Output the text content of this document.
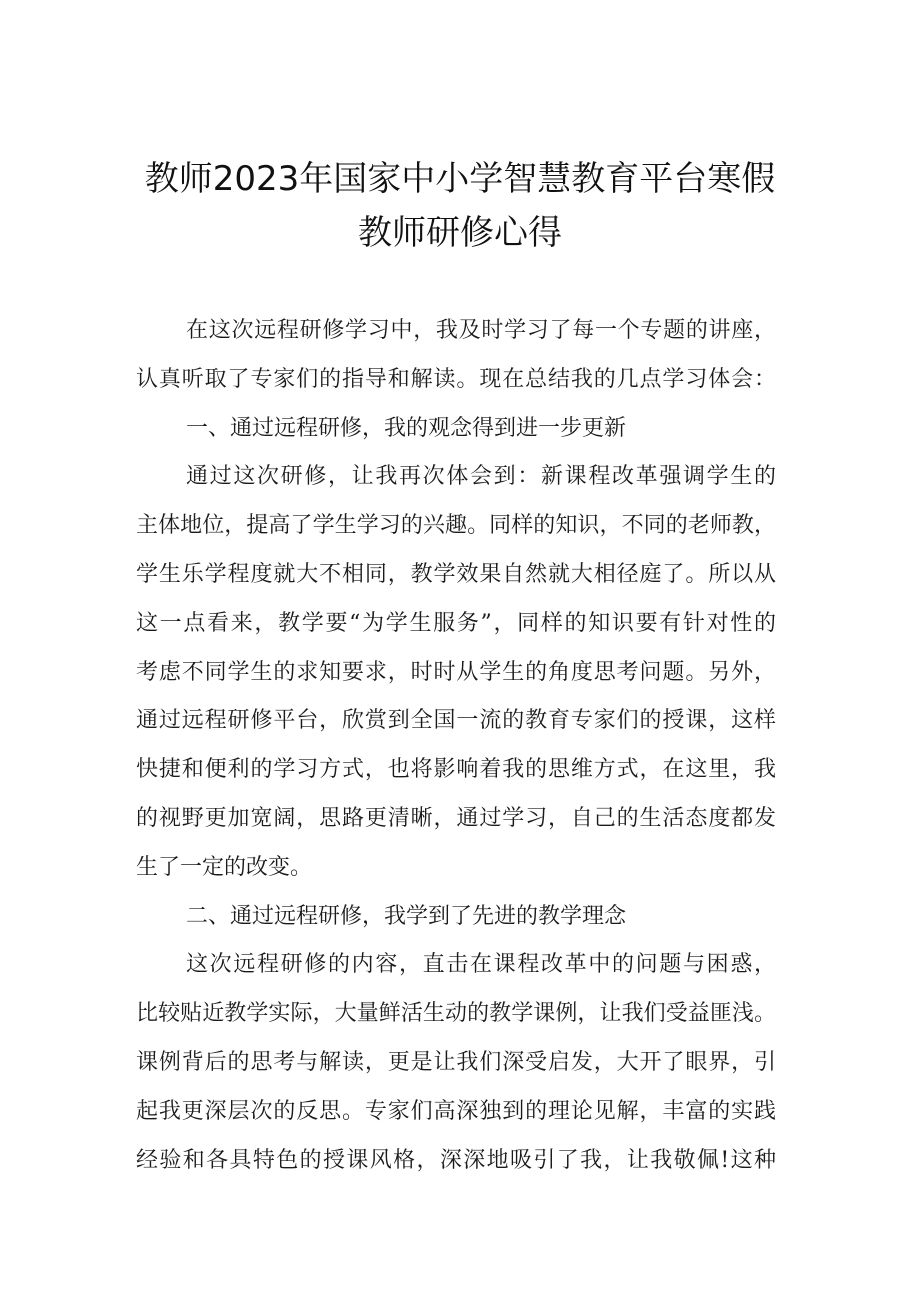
教师2023年国家中小学智慧教育平台寒假
教师研修心得
在这次远程研修学习中，我及时学习了每一个专题的讲座，
认真听取了专家们的指导和解读。现在总结我的几点学习体会：
一、通过远程研修，我的观念得到进一步更新
通过这次研修，让我再次体会到：新课程改革强调学生的
主体地位，提高了学生学习的兴趣。同样的知识，不同的老师教，
学生乐学程度就大不相同，教学效果自然就大相径庭了。所以从
这一点看来，教学要“为学生服务”，同样的知识要有针对性的
考虑不同学生的求知要求，时时从学生的角度思考问题。另外，
通过远程研修平台，欣赏到全国一流的教育专家们的授课，这样
快捷和便利的学习方式，也将影响着我的思维方式，在这里，我
的视野更加宽阔，思路更清晰，通过学习，自己的生活态度都发
生了一定的改变。
二、通过远程研修，我学到了先进的教学理念
这次远程研修的内容，直击在课程改革中的问题与困惑，
比较贴近教学实际，大量鲜活生动的教学课例，让我们受益匪浅。
课例背后的思考与解读，更是让我们深受启发，大开了眼界，引
起我更深层次的反思。专家们高深独到的理论见解，丰富的实践
经验和各具特色的授课风格，深深地吸引了我，让我敬佩!这种
